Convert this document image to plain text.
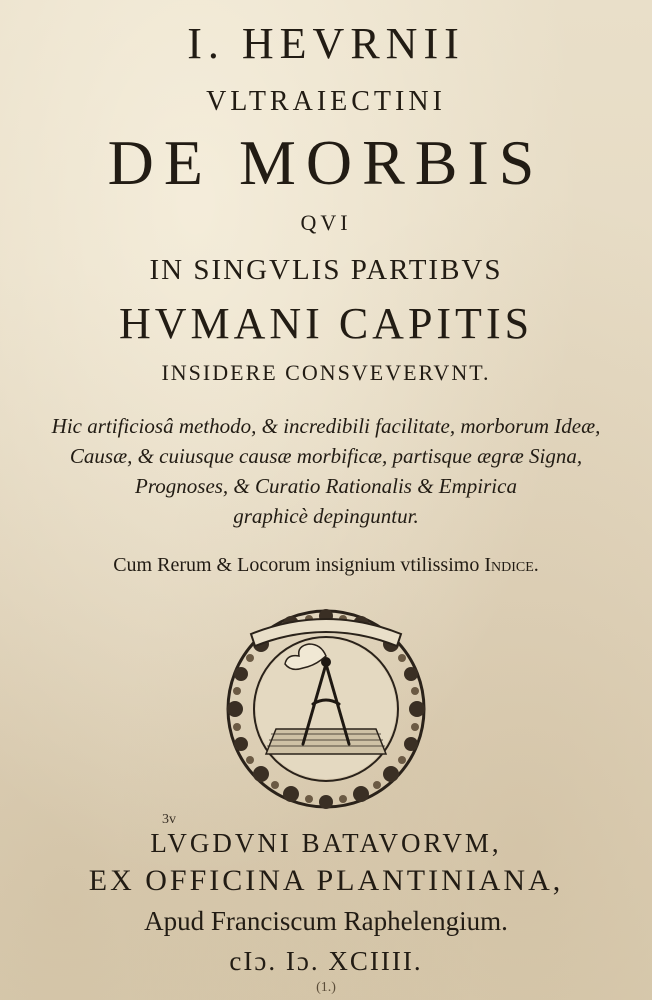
I. HEVRNII
VLTRAIECTINI
DE MORBIS
QVI
IN SINGVLIS PARTIBVS
HVMANI CAPITIS
INSIDERE CONSVEVERVNT.
Hic artificiosâ methodo, & incredibili facilitate, morborum Ideæ,
Causæ, & cuiusque causæ morbificæ, partisque ægræ Signa,
Prognoses, & Curatio Rationalis & Empirica
graphicè depinguntur.
Cum Rerum & Locorum insignium vtilissimo Indice.
3v
LVGDVNI BATAVORVM,
EX OFFICINA PLANTINIANA,
Apud Franciscum Raphelengium.
cIɔ. Iɔ. XCIIII.
(1.)
